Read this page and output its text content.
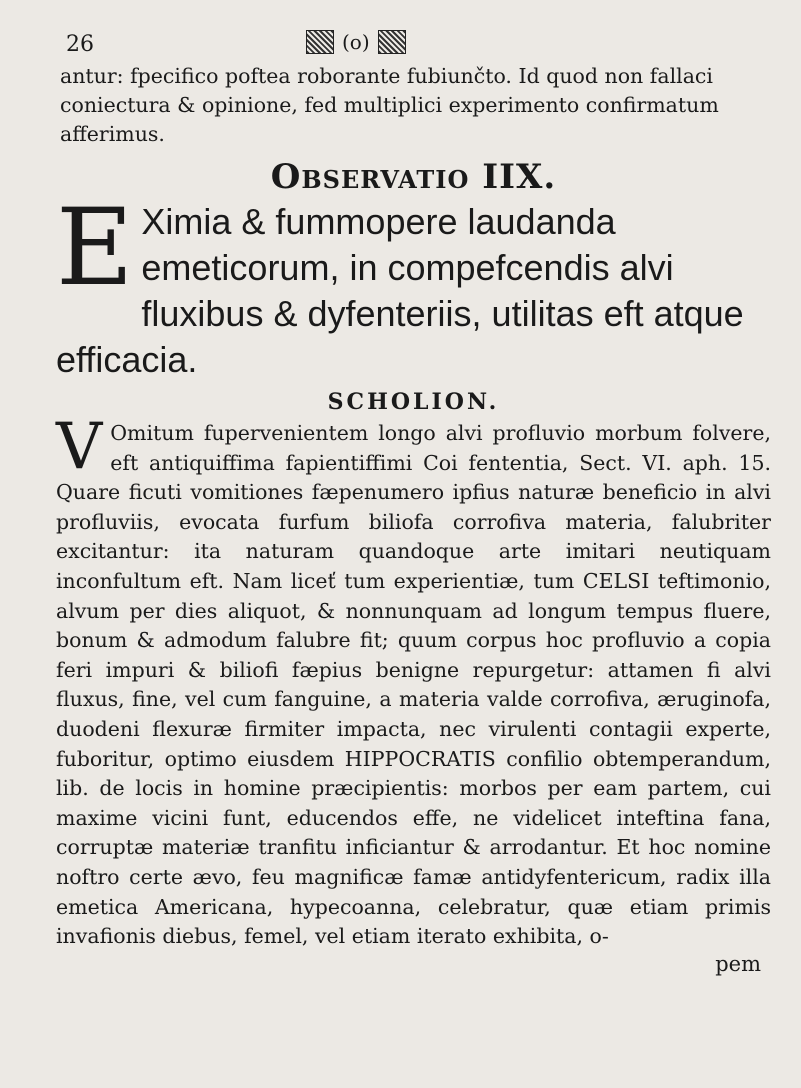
26	(o)

antur: fpecifico poftea roborante fubiunčto. Id quod non fallaci coniectura & opinione, fed multiplici experimento confirmatum afferimus.

Observatio IIX.

E Ximia & fummopere laudanda emeticorum, in compefcendis alvi fluxibus & dyfenteriis, utilitas eft atque efficacia.

SCHOLION.

V Omitum fupervenientem longo alvi profluvio morbum folvere, eft antiquiffima fapientiffimi Coi fententia, Sect. VI. aph. 15. Quare ficuti vomitiones fæpenumero ipfius naturæ beneficio in alvi profluviis, evocata furfum biliofa corrofiva materia, falubriter excitantur: ita naturam quandoque arte imitari neutiquam inconfultum eft. Nam liceť tum experientiæ, tum CELSI teftimonio, alvum per dies aliquot, & nonnunquam ad longum tempus fluere, bonum & admodum falubre fit; quum corpus hoc profluvio a copia feri impuri & biliofi fæpius benigne repurgetur: attamen fi alvi fluxus, fine, vel cum fanguine, a materia valde corrofiva, æruginofa, duodeni flexuræ firmiter impacta, nec virulenti contagii experte, fuboritur, optimo eiusdem HIPPOCRATIS confilio obtemperandum, lib. de locis in homine præcipientis: morbos per eam partem, cui maxime vicini funt, educendos effe, ne videlicet inteftina fana, corruptæ materiæ tranfitu inficiantur & arrodantur. Et hoc nomine noftro certe ævo, feu magnificæ famæ antidyfentericum, radix illa emetica Americana, hypecoanna, celebratur, quæ etiam primis invafionis diebus, femel, vel etiam iterato exhibita, o-

pem
